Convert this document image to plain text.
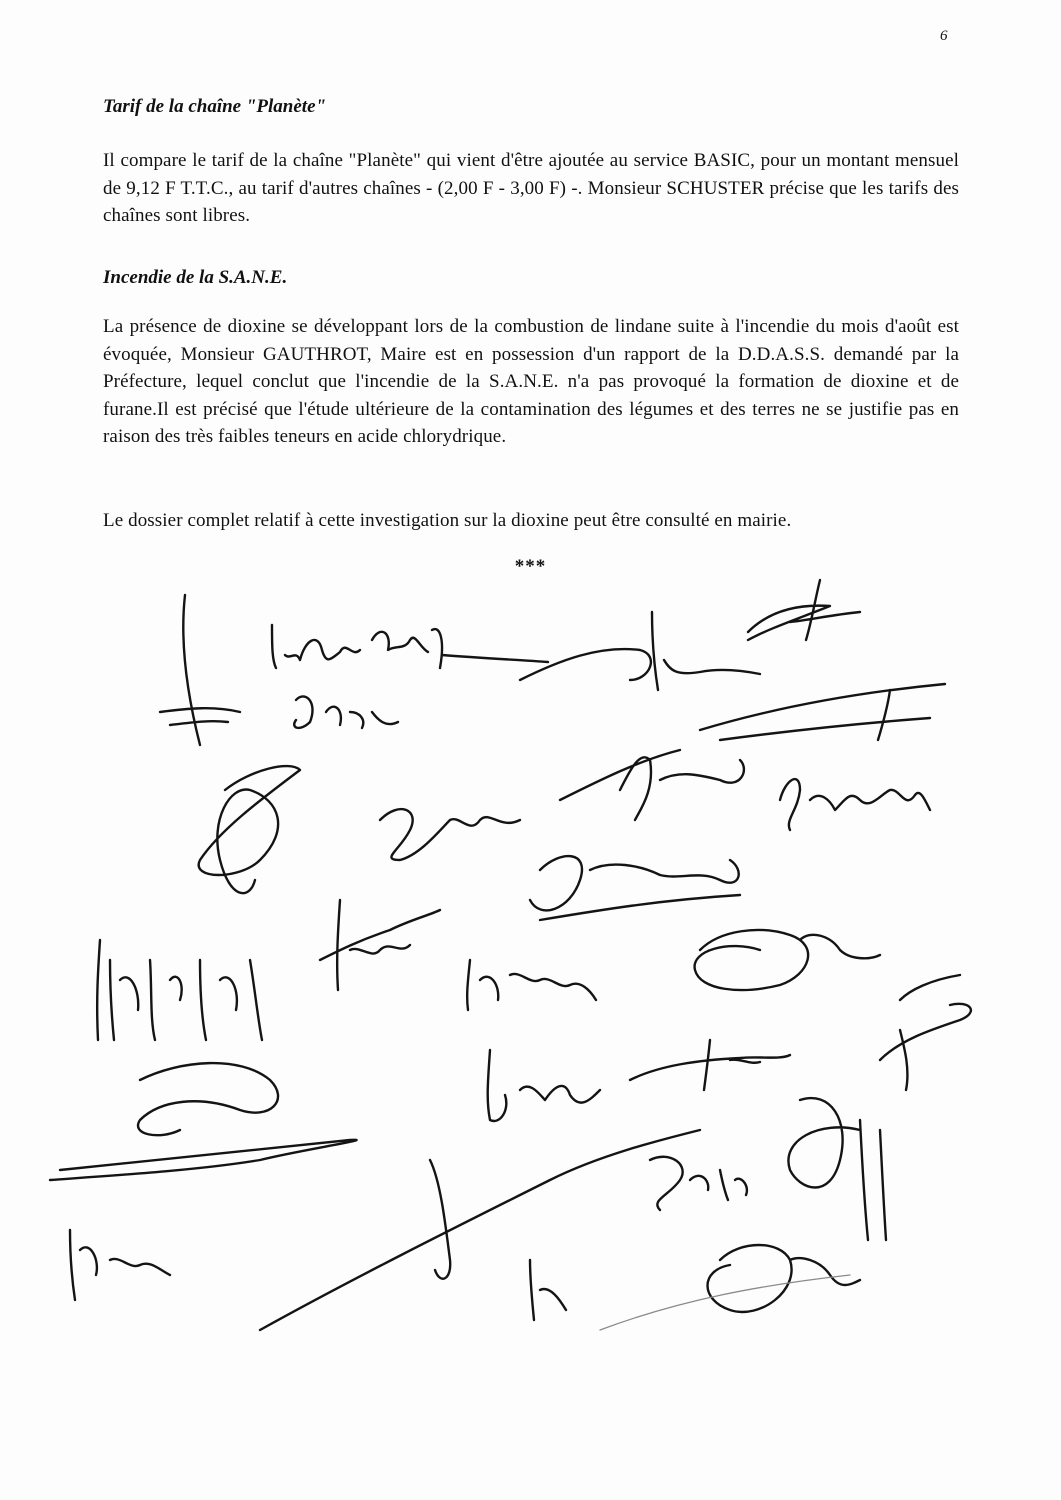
6
Tarif de la chaîne "Planète"
Il compare le tarif de la chaîne "Planète" qui vient d'être ajoutée au service BASIC, pour un montant mensuel de 9,12 F T.T.C., au tarif d'autres chaînes - (2,00 F - 3,00 F) -. Monsieur SCHUSTER précise que les tarifs des chaînes sont libres.
Incendie de la S.A.N.E.
La présence de dioxine se développant lors de la combustion de lindane suite à l'incendie du mois d'août est évoquée, Monsieur GAUTHROT, Maire est en possession d'un rapport de la D.D.A.S.S. demandé par la Préfecture, lequel conclut que l'incendie de la S.A.N.E. n'a pas provoqué la formation de dioxine et de furane.Il est précisé que l'étude ultérieure de la contamination des légumes et des terres ne se justifie pas en raison des très faibles teneurs en acide chlorydrique.
Le dossier complet relatif à cette investigation sur la dioxine peut être consulté en mairie.
***
